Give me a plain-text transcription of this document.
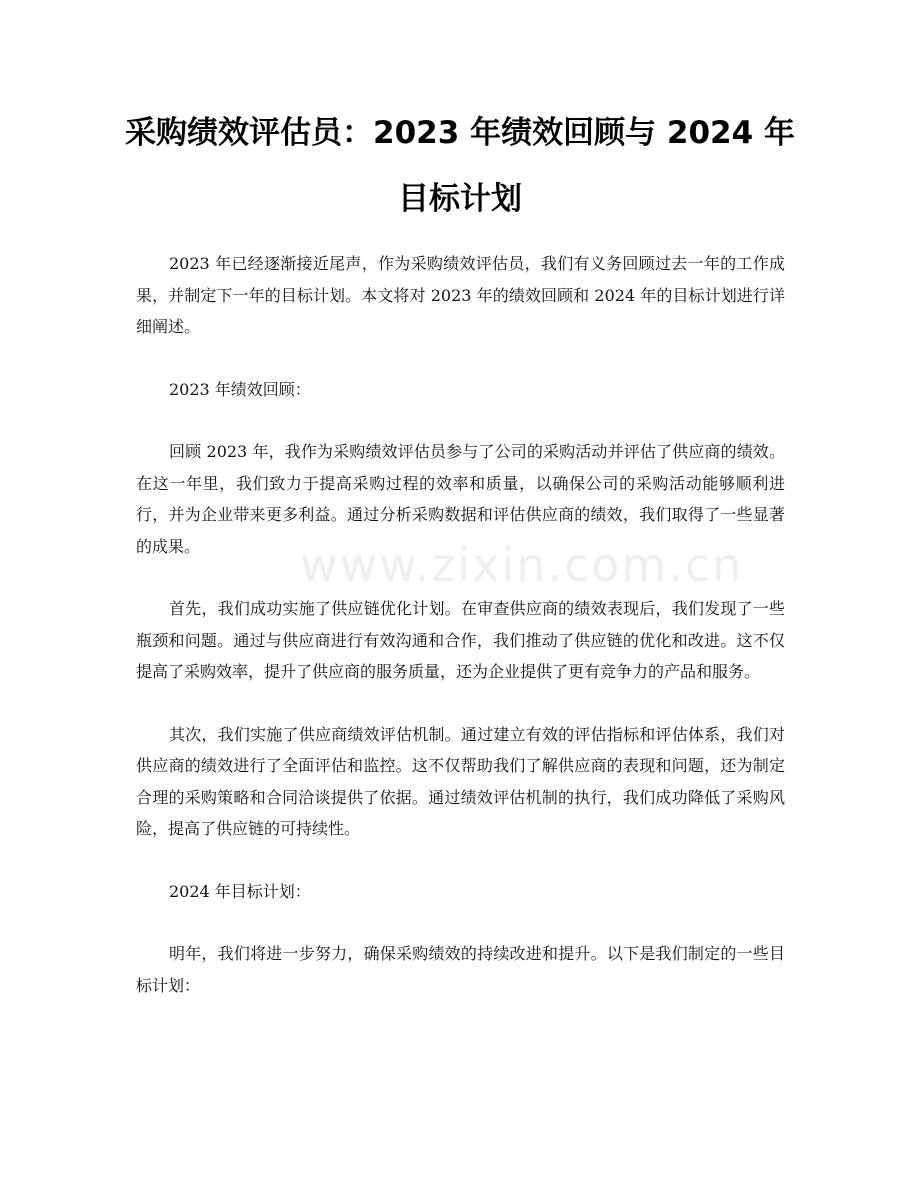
采购绩效评估员：2023 年绩效回顾与 2024 年目标计划

2023 年已经逐渐接近尾声，作为采购绩效评估员，我们有义务回顾过去一年的工作成果，并制定下一年的目标计划。本文将对 2023 年的绩效回顾和 2024 年的目标计划进行详细阐述。

2023 年绩效回顾：

回顾 2023 年，我作为采购绩效评估员参与了公司的采购活动并评估了供应商的绩效。在这一年里，我们致力于提高采购过程的效率和质量，以确保公司的采购活动能够顺利进行，并为企业带来更多利益。通过分析采购数据和评估供应商的绩效，我们取得了一些显著的成果。

首先，我们成功实施了供应链优化计划。在审查供应商的绩效表现后，我们发现了一些瓶颈和问题。通过与供应商进行有效沟通和合作，我们推动了供应链的优化和改进。这不仅提高了采购效率，提升了供应商的服务质量，还为企业提供了更有竞争力的产品和服务。

其次，我们实施了供应商绩效评估机制。通过建立有效的评估指标和评估体系，我们对供应商的绩效进行了全面评估和监控。这不仅帮助我们了解供应商的表现和问题，还为制定合理的采购策略和合同洽谈提供了依据。通过绩效评估机制的执行，我们成功降低了采购风险，提高了供应链的可持续性。

2024 年目标计划：

明年，我们将进一步努力，确保采购绩效的持续改进和提升。以下是我们制定的一些目标计划：

www.zixin.com.cn
